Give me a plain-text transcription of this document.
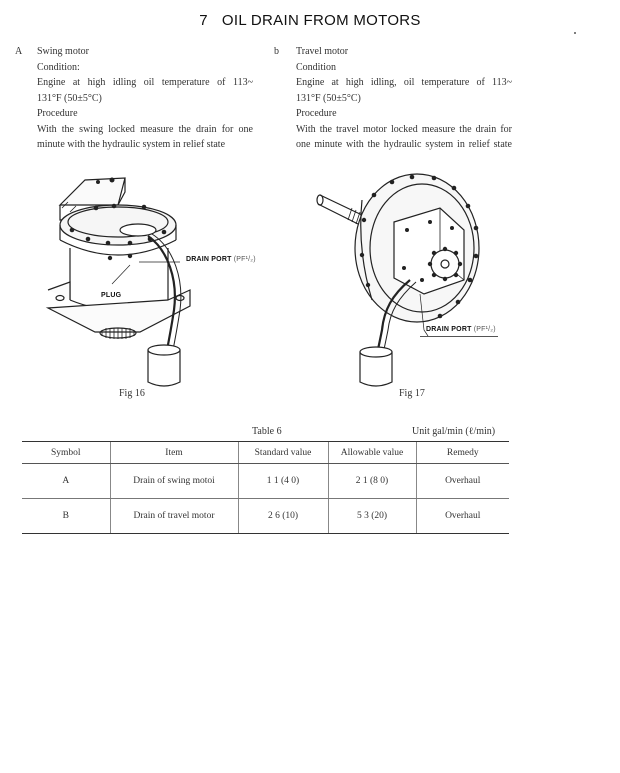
7 OIL DRAIN FROM MOTORS
A Swing motor

Condition:

Engine at high idling oil temperature of 113~

131°F (50±5°C)

Procedure

With the swing locked measure the drain for one

minute with the hydraulic system in relief state

b Travel motor

Condition

Engine at high idling, oil temperature of 113~

131°F (50±5°C)

Procedure

With the travel motor locked measure the drain for

one minute with the hydraulic system in relief state

DRAIN PORT (PF¹/₂)
PLUG
Fig 16
DRAIN PORT (PF¹/₂)
Fig 17
Table 6	Unit gal/min (ℓ/min)
Symbol	Item	Standard value	Allowable value	Remedy
A	Drain of swing motoi	1 1 (4 0)	2 1 (8 0)	Overhaul
B	Drain of travel motor	2 6 (10)	5 3 (20)	Overhaul
